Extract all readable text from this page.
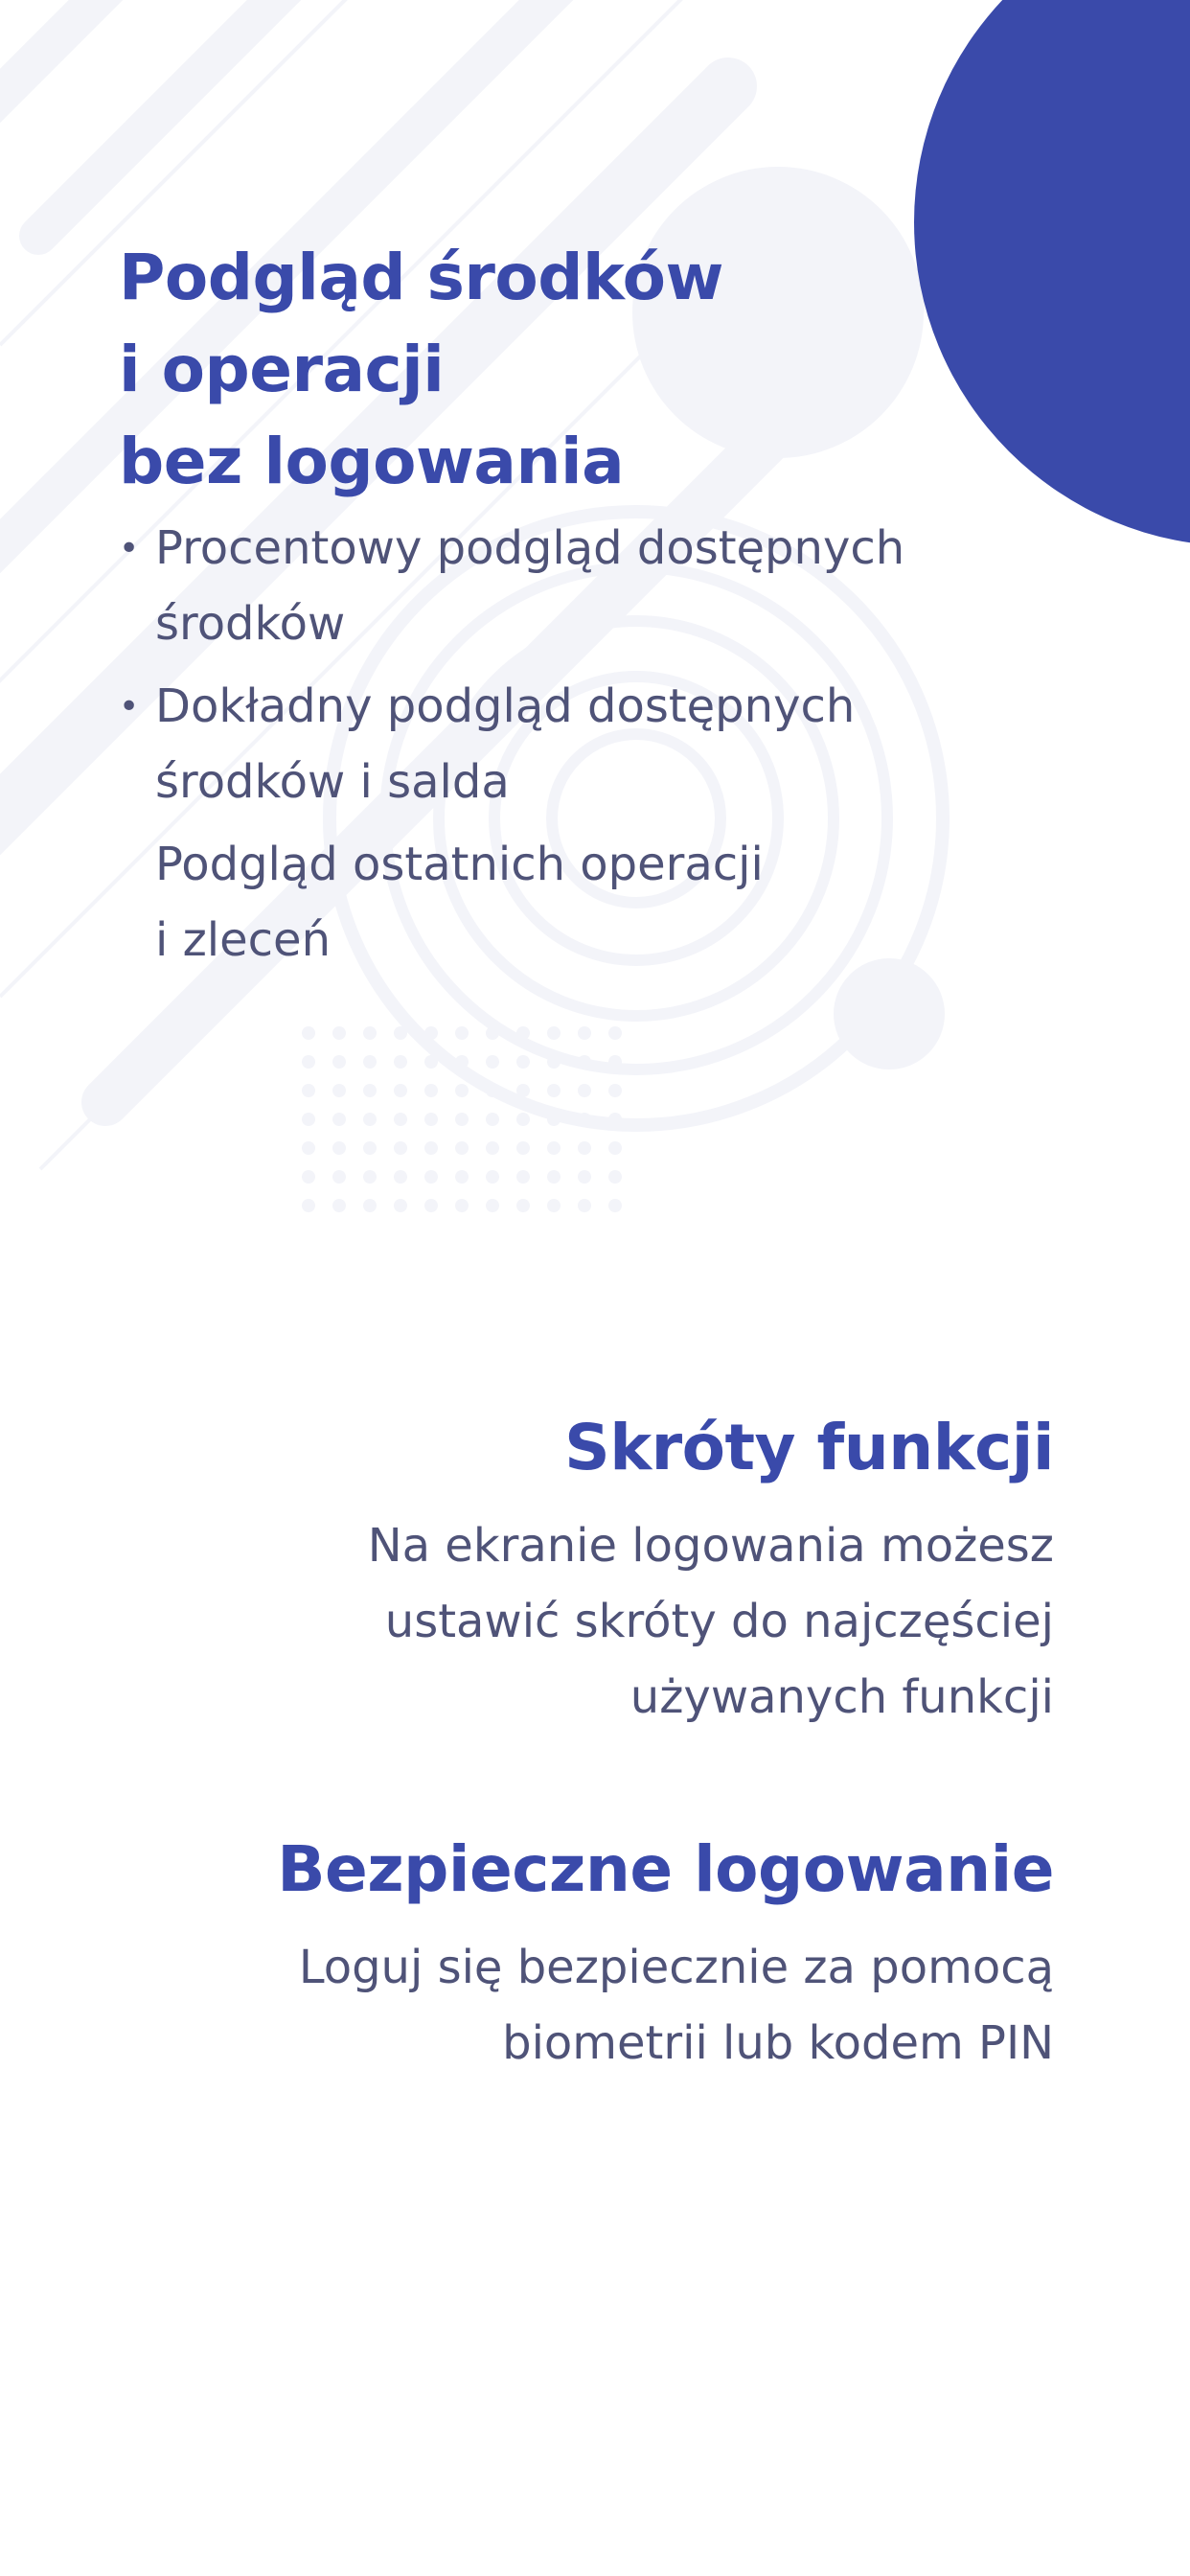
Podgląd środków
i operacji
bez logowania
• Procentowy podgląd dostępnych
środków
• Dokładny podgląd dostępnych
środków i salda
Podgląd ostatnich operacji
i zleceń
Skróty funkcji

Na ekranie logowania możesz
ustawić skróty do najczęściej
używanych funkcji

Bezpieczne logowanie

Loguj się bezpiecznie za pomocą
biometrii lub kodem PIN
